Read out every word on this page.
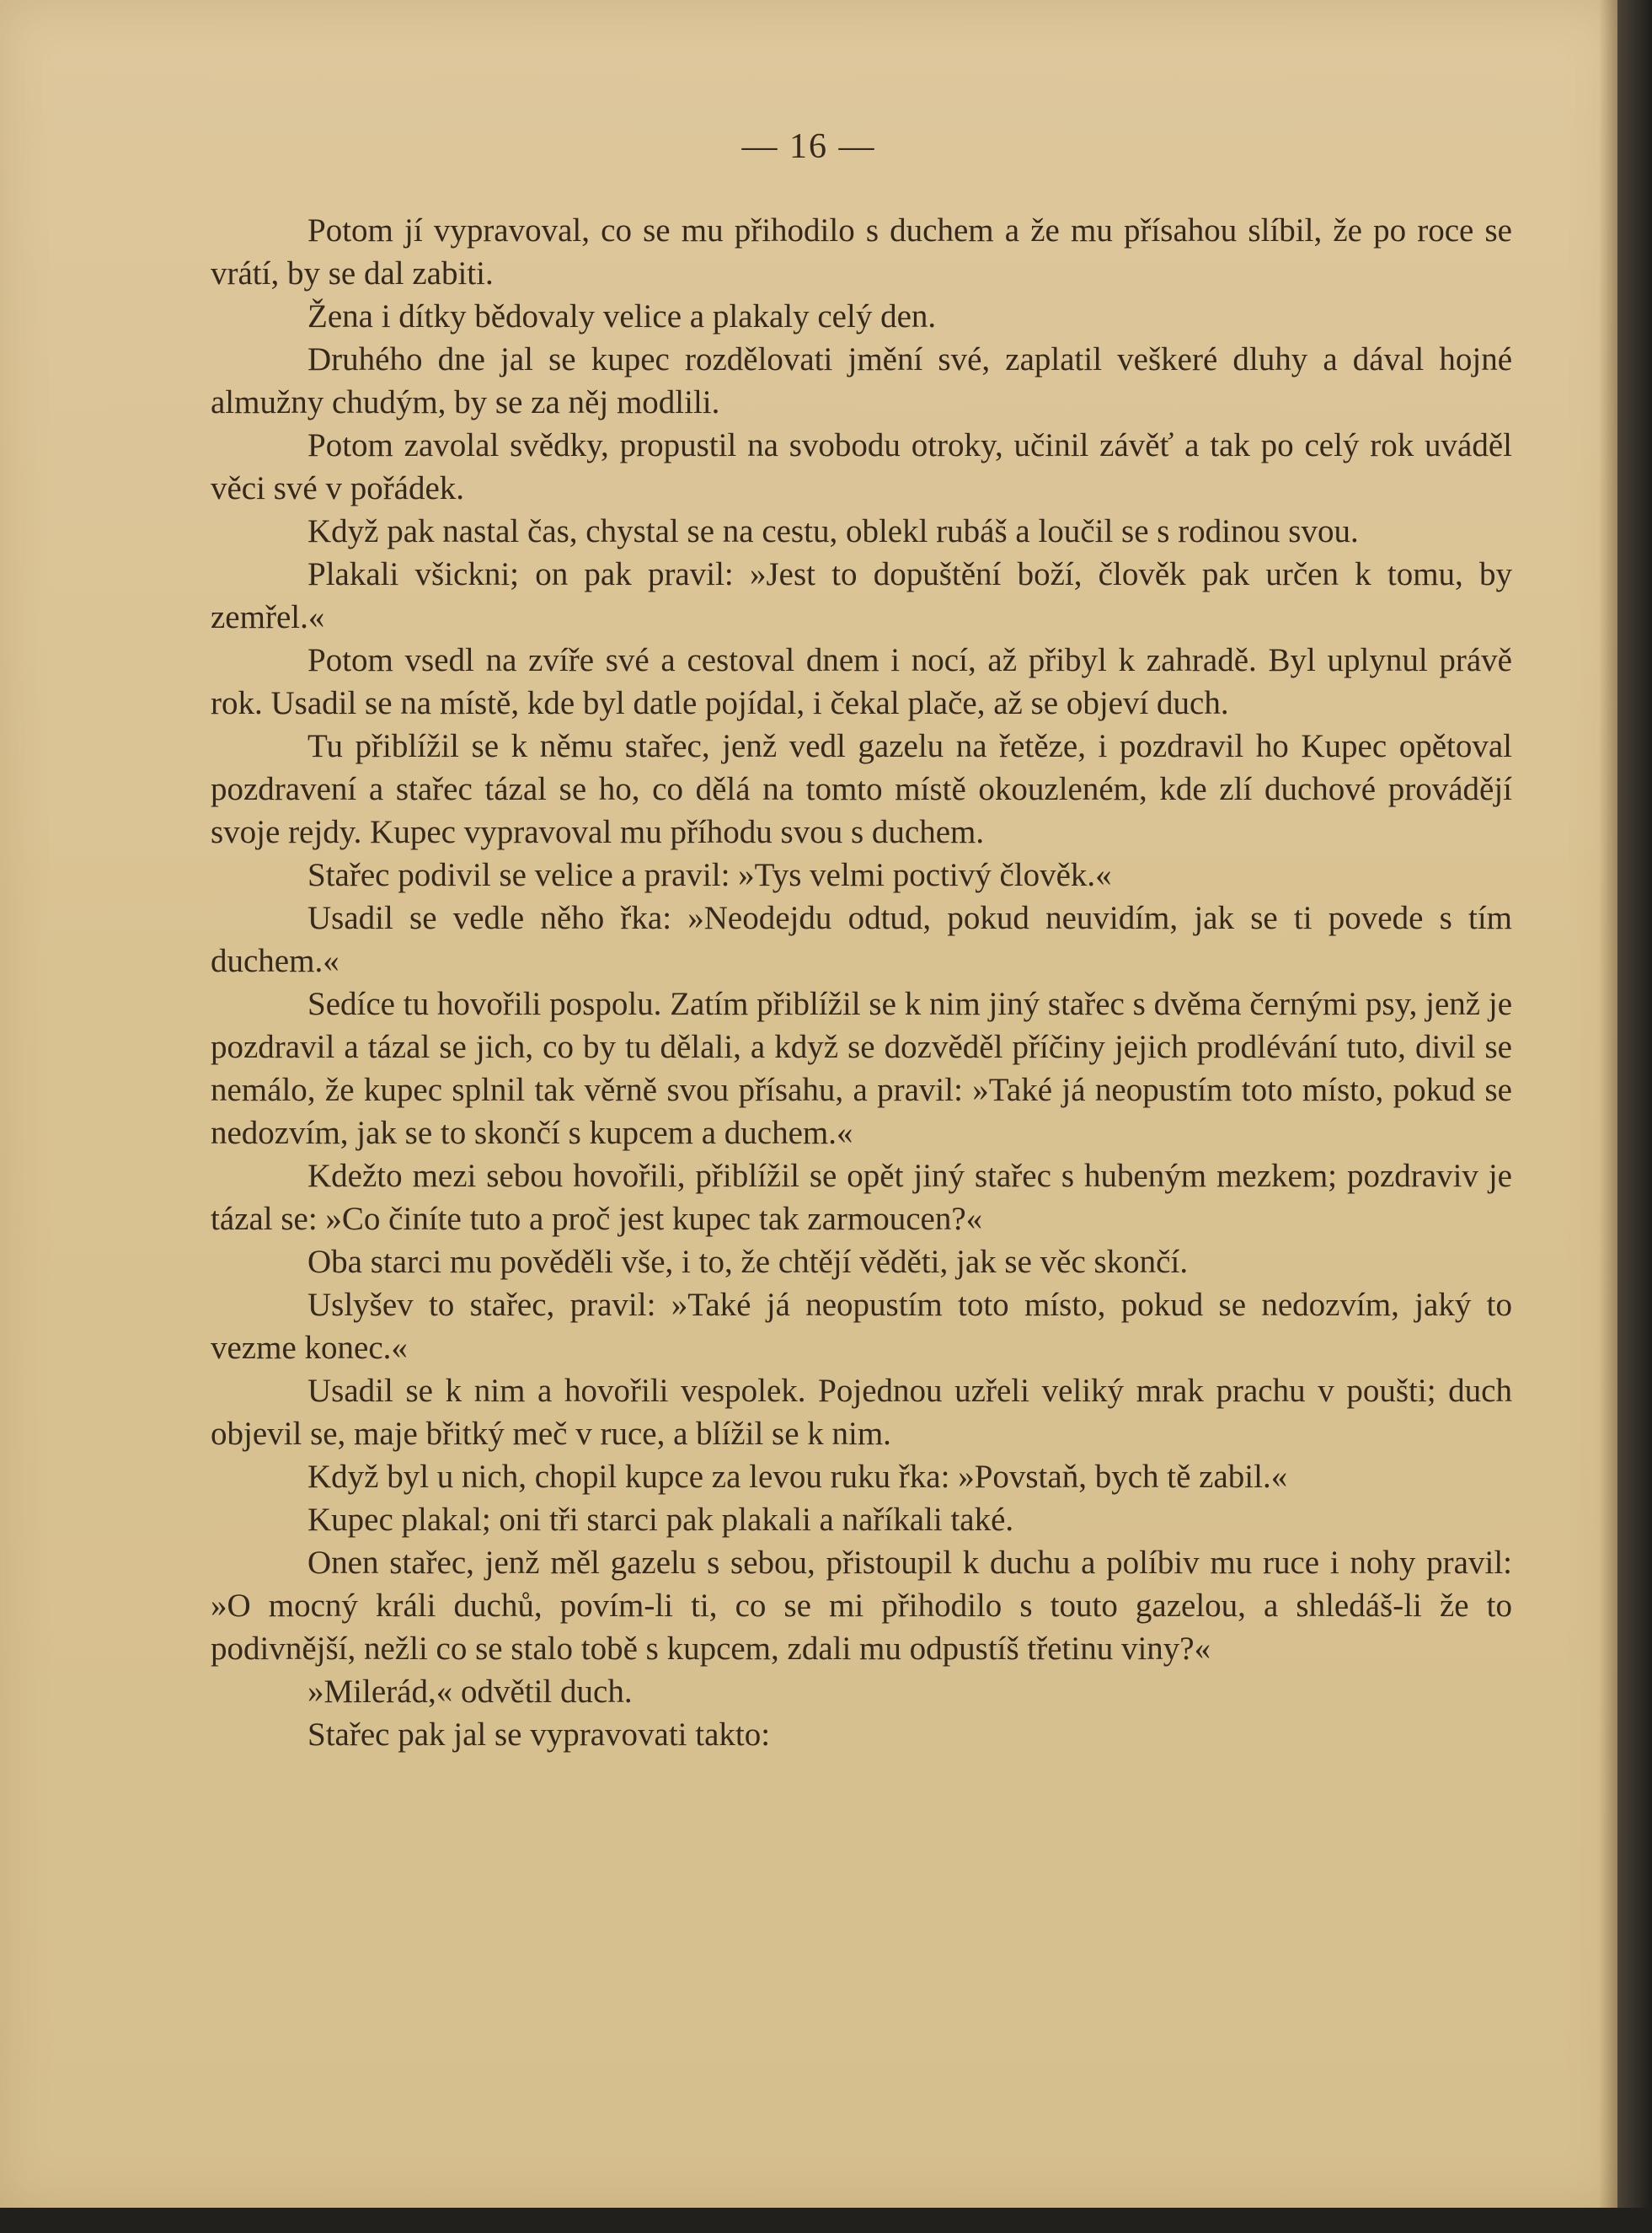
— 16 —

Potom jí vypravoval, co se mu přihodilo s duchem a že mu přísahou slíbil, že po roce se vrátí, by se dal zabiti.

Žena i dítky bědovaly velice a plakaly celý den.

Druhého dne jal se kupec rozdělovati jmění své, zaplatil veškeré dluhy a dával hojné almužny chudým, by se za něj modlili.

Potom zavolal svědky, propustil na svobodu otroky, učinil závěť a tak po celý rok uváděl věci své v pořádek.

Když pak nastal čas, chystal se na cestu, oblekl rubáš a loučil se s rodinou svou.

Plakali všickni; on pak pravil: »Jest to dopuštění boží, člověk pak určen k tomu, by zemřel.«

Potom vsedl na zvíře své a cestoval dnem i nocí, až přibyl k zahradě. Byl uplynul právě rok. Usadil se na místě, kde byl datle pojídal, i čekal plače, až se objeví duch.

Tu přiblížil se k němu stařec, jenž vedl gazelu na řetěze, i pozdravil ho Kupec opětoval pozdravení a stařec tázal se ho, co dělá na tomto místě okouzleném, kde zlí duchové provádějí svoje rejdy. Kupec vypravoval mu příhodu svou s duchem.

Stařec podivil se velice a pravil: »Tys velmi poctivý člověk.«

Usadil se vedle něho řka: »Neodejdu odtud, pokud neuvidím, jak se ti povede s tím duchem.«

Sedíce tu hovořili pospolu. Zatím přiblížil se k nim jiný stařec s dvěma černými psy, jenž je pozdravil a tázal se jich, co by tu dělali, a když se dozvěděl příčiny jejich prodlévání tuto, divil se nemálo, že kupec splnil tak věrně svou přísahu, a pravil: »Také já neopustím toto místo, pokud se nedozvím, jak se to skončí s kupcem a duchem.«

Kdežto mezi sebou hovořili, přiblížil se opět jiný stařec s hubeným mezkem; pozdraviv je tázal se: »Co činíte tuto a proč jest kupec tak zarmoucen?«

Oba starci mu pověděli vše, i to, že chtějí věděti, jak se věc skončí.

Uslyšev to stařec, pravil: »Také já neopustím toto místo, pokud se nedozvím, jaký to vezme konec.«

Usadil se k nim a hovořili vespolek. Pojednou uzřeli veliký mrak prachu v poušti; duch objevil se, maje břitký meč v ruce, a blížil se k nim.

Když byl u nich, chopil kupce za levou ruku řka: »Povstaň, bych tě zabil.«

Kupec plakal; oni tři starci pak plakali a naříkali také.

Onen stařec, jenž měl gazelu s sebou, přistoupil k duchu a políbiv mu ruce i nohy pravil: »O mocný králi duchů, povím-li ti, co se mi přihodilo s touto gazelou, a shledáš-li že to podivnější, nežli co se stalo tobě s kupcem, zdali mu odpustíš třetinu viny?«

»Milerád,« odvětil duch.

Stařec pak jal se vypravovati takto:
